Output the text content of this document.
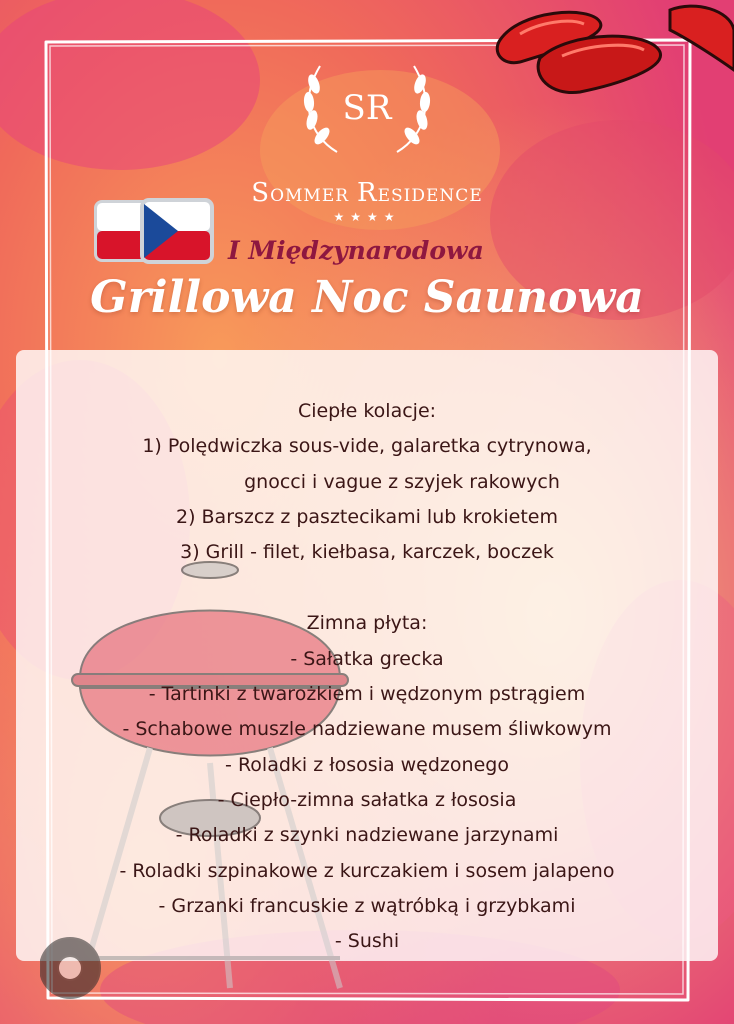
SR
SOMMER RESIDENCE
★★★★
I Międzynarodowa
Grillowa Noc Saunowa
Ciepłe kolacje:
1) Polędwiczka sous-vide, galaretka cytrynowa,
gnocci i vague z szyjek rakowych
2) Barszcz z pasztecikami lub krokietem
3) Grill - filet, kiełbasa, karczek, boczek
Zimna płyta:
- Sałatka grecka
- Tartinki z twarożkiem i wędzonym pstrągiem
- Schabowe muszle nadziewane musem śliwkowym
- Roladki z łososia wędzonego
- Ciepło-zimna sałatka z łososia
- Roladki z szynki nadziewane jarzynami
- Roladki szpinakowe z kurczakiem i sosem jalapeno
- Grzanki francuskie z wątróbką i grzybkami
- Sushi
